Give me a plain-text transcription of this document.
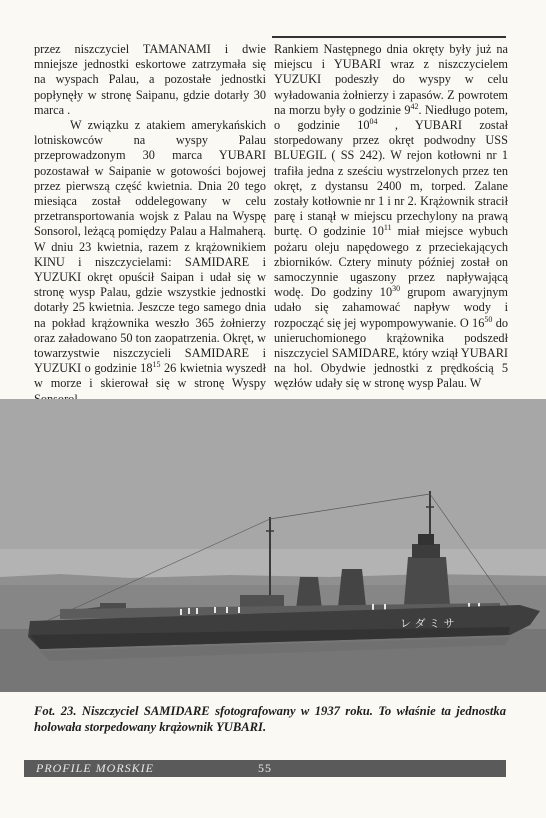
przez niszczyciel TAMANAMI i dwie mniejsze jednostki eskortowe zatrzymała się na wyspach Palau, a pozostałe jednostki popłynęły w stronę Saipanu, gdzie dotarły 30 marca .

W związku z atakiem amerykańskich lotniskowców na wyspy Palau przeprowadzonym 30 marca YUBARI pozostawał w Saipanie w gotowości bojowej przez pierwszą część kwietnia. Dnia 20 tego miesiąca został oddelegowany w celu przetransportowania wojsk z Palau na Wyspę Sonsorol, leżącą pomiędzy Palau a Halmaherą. W dniu 23 kwietnia, razem z krążownikiem KINU i niszczycielami: SAMIDARE i YUZUKI okręt opuścił Saipan i udał się w stronę wysp Palau, gdzie wszystkie jednostki dotarły 25 kwietnia. Jeszcze tego samego dnia na pokład krążownika weszło 365 żołnierzy oraz załadowano 50 ton zaopatrzenia. Okręt, w towarzystwie niszczycieli SAMIDARE i YUZUKI o godzinie $18^{15}$ 26 kwietnia wyszedł w morze i skierował się w stronę Wyspy

Rankiem Następnego dnia okręty były już na miejscu i YUBARI wraz z niszczycielem YUZUKI podeszły do wyspy w celu wyładowania żołnierzy i zapasów. Z powrotem na morzu były o godzinie $9^{42}$. Niedługo potem, o godzinie $10^{04}$ , YUBARI został storpedowany przez okręt podwodny USS BLUEGIL ( SS 242). W rejon kotłowni nr 1 trafiła jedna z sześciu wystrzelonych przez ten okręt, z dystansu 2400 m, torped. Zalane zostały kotłownie nr 1 i nr 2. Krążownik stracił parę i stanął w miejscu przechylony na prawą burtę. O godzinie $10^{11}$ miał miejsce wybuch pożaru oleju napędowego z przeciekających zbiorników. Cztery minuty później został on samoczynnie ugaszony przez napływającą wodę. Do godziny $10^{30}$ grupom awaryjnym udało się zahamować napływ wody i rozpocząć się jej wypompowywanie. O $16^{50}$ do unieruchomionego krążownika podszedł niszczyciel SAMIDARE, który wziął YUBARI na hol. Obydwie jednostki z prędkością 5 węzłów udały się w stronę wysp Palau. W

レ ダ ミ サ
Fot. 23. Niszczyciel SAMIDARE sfotografowany w 1937 roku. To właśnie ta jednostka holowała storpedowany krążownik YUBARI.
PROFILE MORSKIE	55
